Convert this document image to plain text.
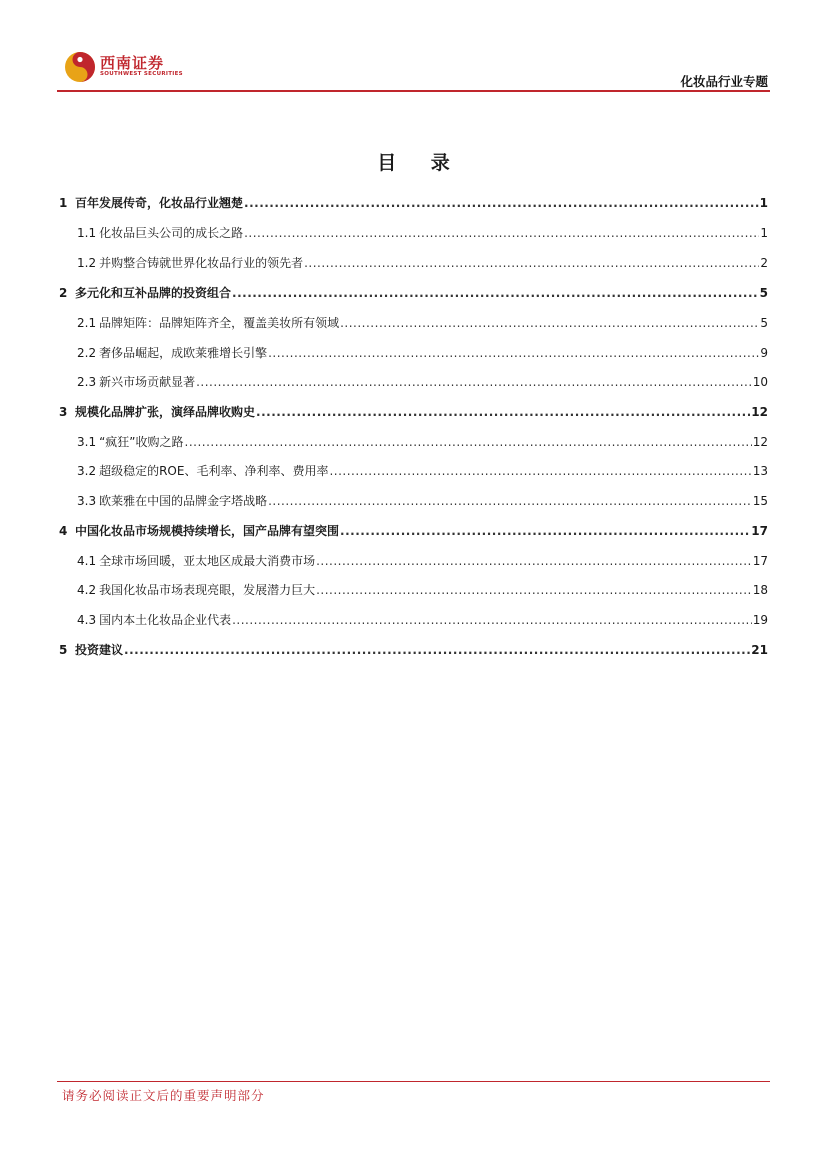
西南证券
SOUTHWEST SECURITIES	化妆品行业专题
目 录
1 百年发展传奇，化妆品行业翘楚 .....	1
1.1 化妆品巨头公司的成长之路 .....	1
1.2 并购整合铸就世界化妆品行业的领先者 .....	2
2 多元化和互补品牌的投资组合 .....	5
2.1 品牌矩阵：品牌矩阵齐全，覆盖美妆所有领域 .....	5
2.2 奢侈品崛起，成欧莱雅增长引擎 .....	9
2.3 新兴市场贡献显著 .....	10
3 规模化品牌扩张，演绎品牌收购史 .....	12
3.1 “疯狂”收购之路 .....	12
3.2 超级稳定的ROE、毛利率、净利率、费用率 .....	13
3.3 欧莱雅在中国的品牌金字塔战略 .....	15
4 中国化妆品市场规模持续增长，国产品牌有望突围 .....	17
4.1 全球市场回暖，亚太地区成最大消费市场 .....	17
4.2 我国化妆品市场表现亮眼，发展潜力巨大 .....	18
4.3 国内本土化妆品企业代表 .....	19
5 投资建议 .....	21
请务必阅读正文后的重要声明部分
